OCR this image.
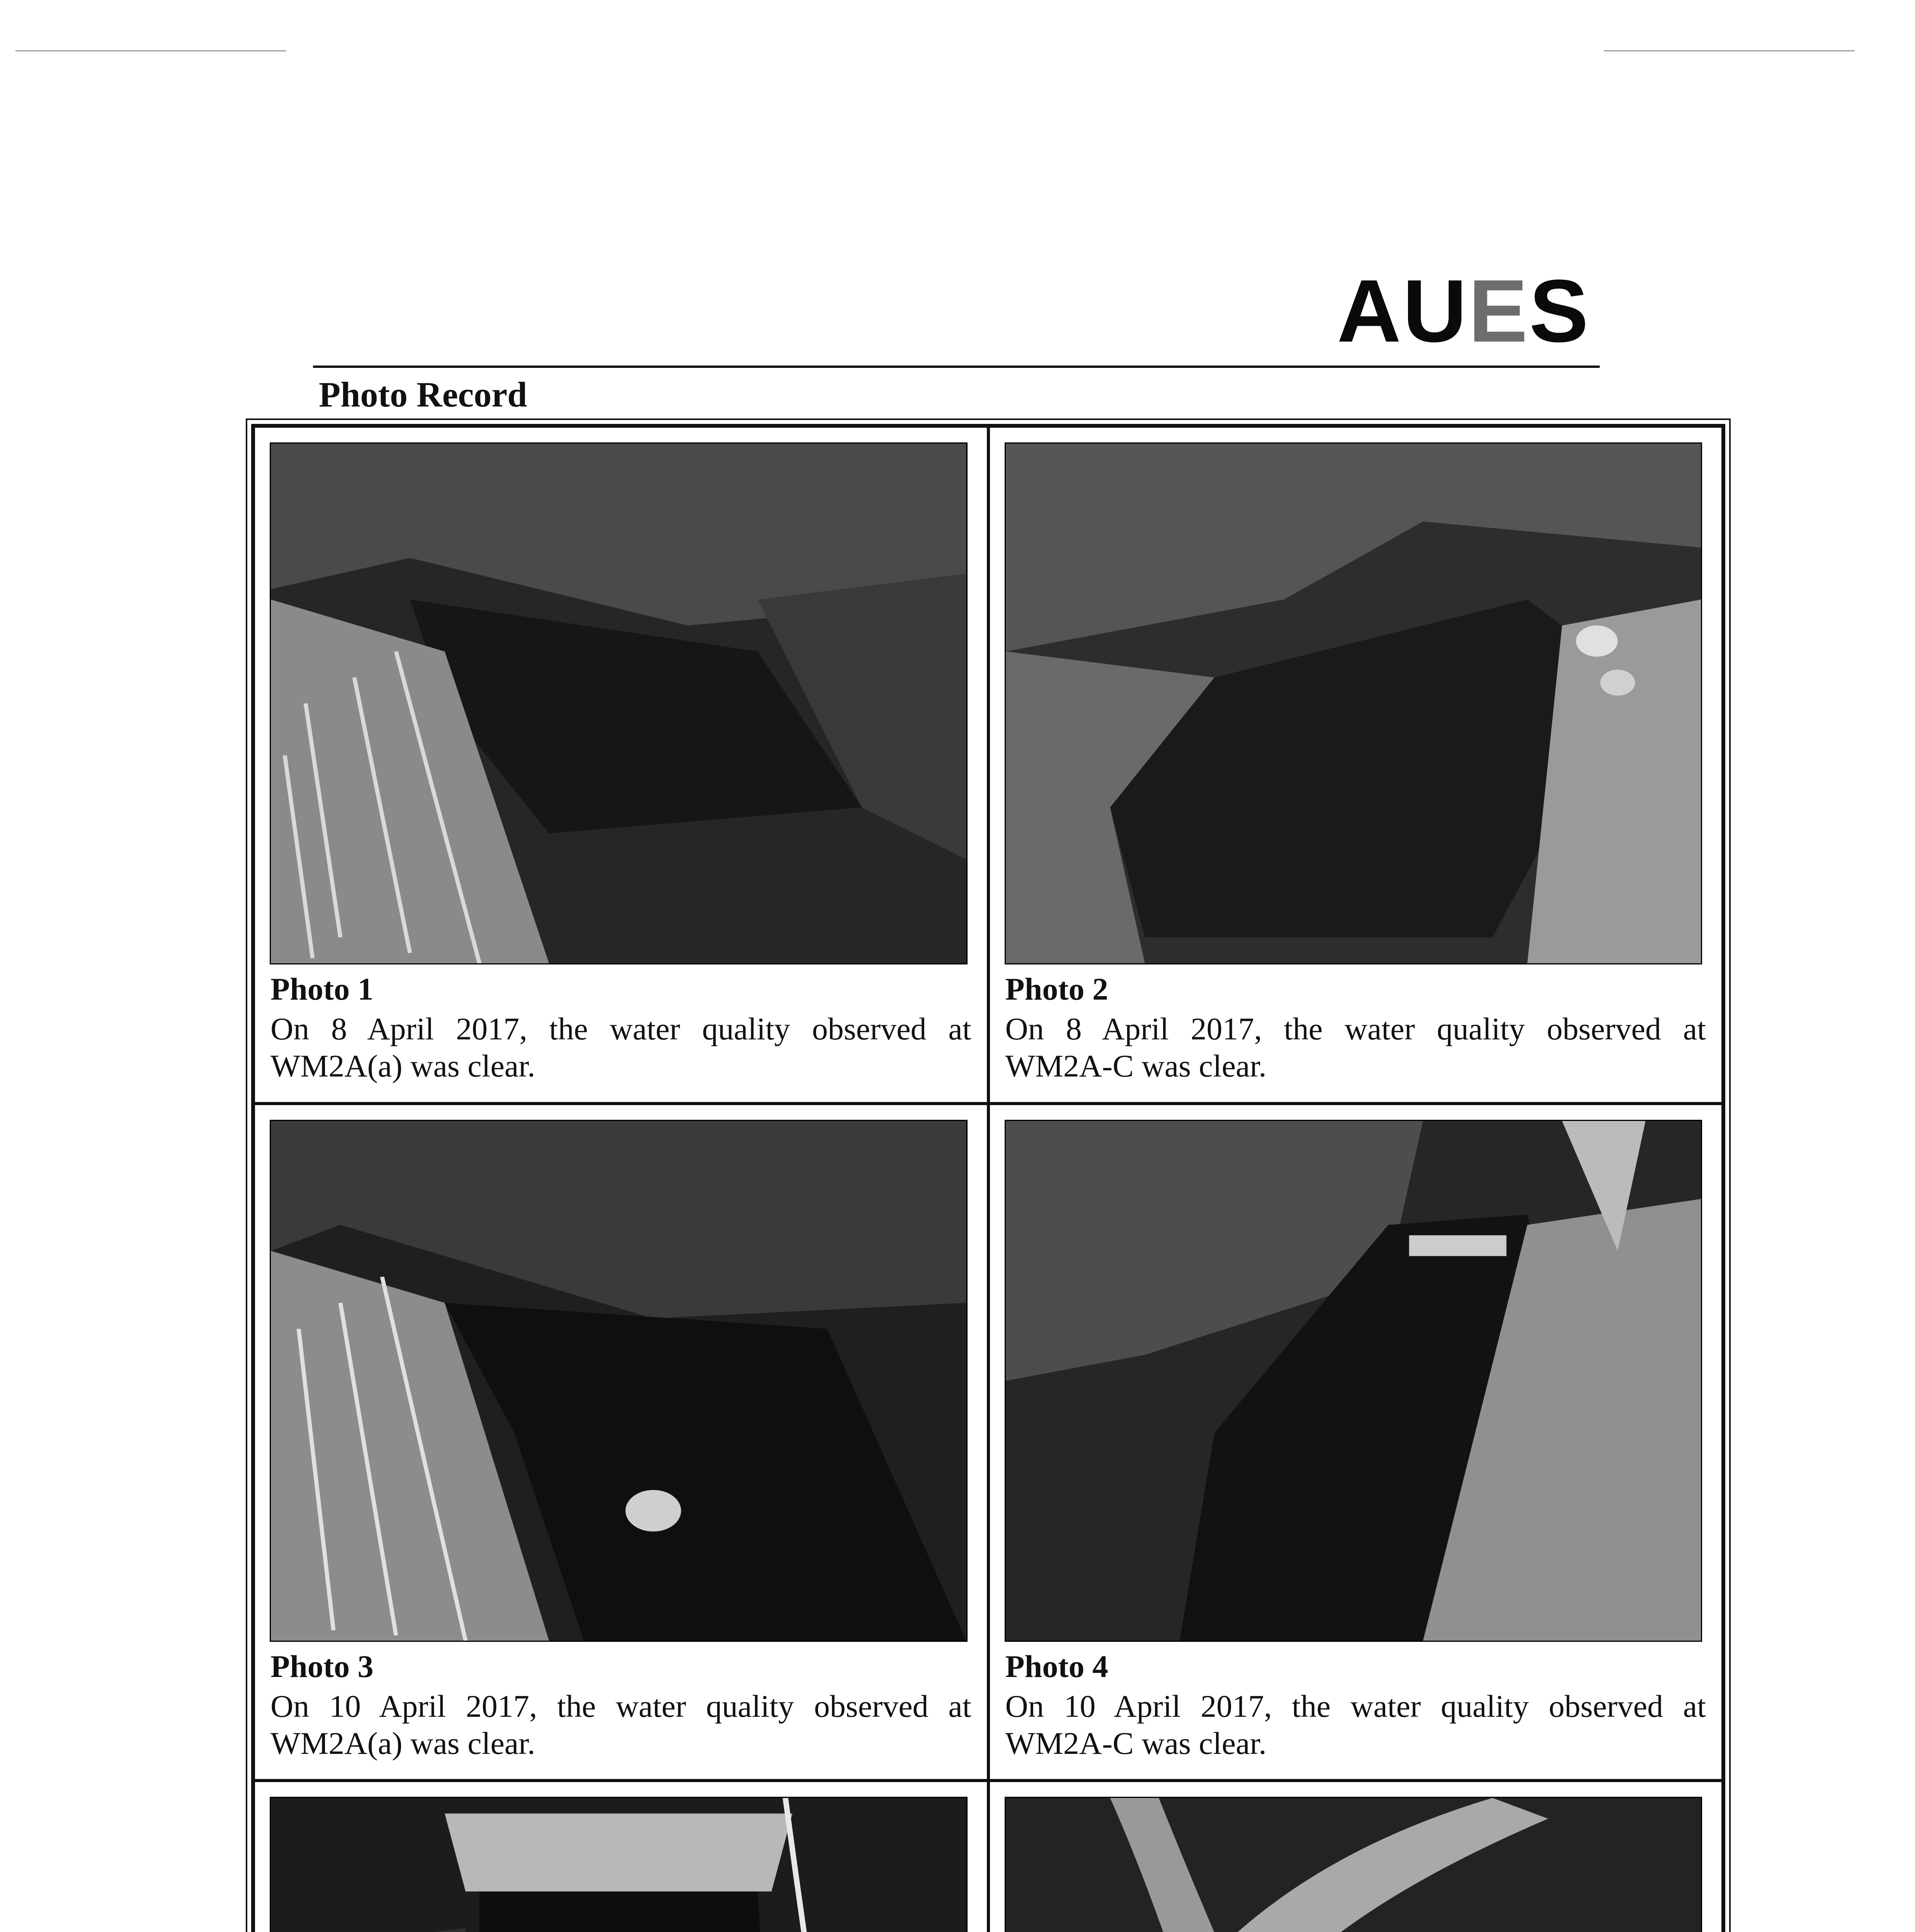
AUES
Photo Record
Photo 1
On 8 April 2017, the water quality observed at WM2A(a) was clear.
Photo 2
On 8 April 2017, the water quality observed at WM2A-C was clear.
Photo 3
On 10 April 2017, the water quality observed at WM2A(a) was clear.
Photo 4
On 10 April 2017, the water quality observed at WM2A-C was clear.
